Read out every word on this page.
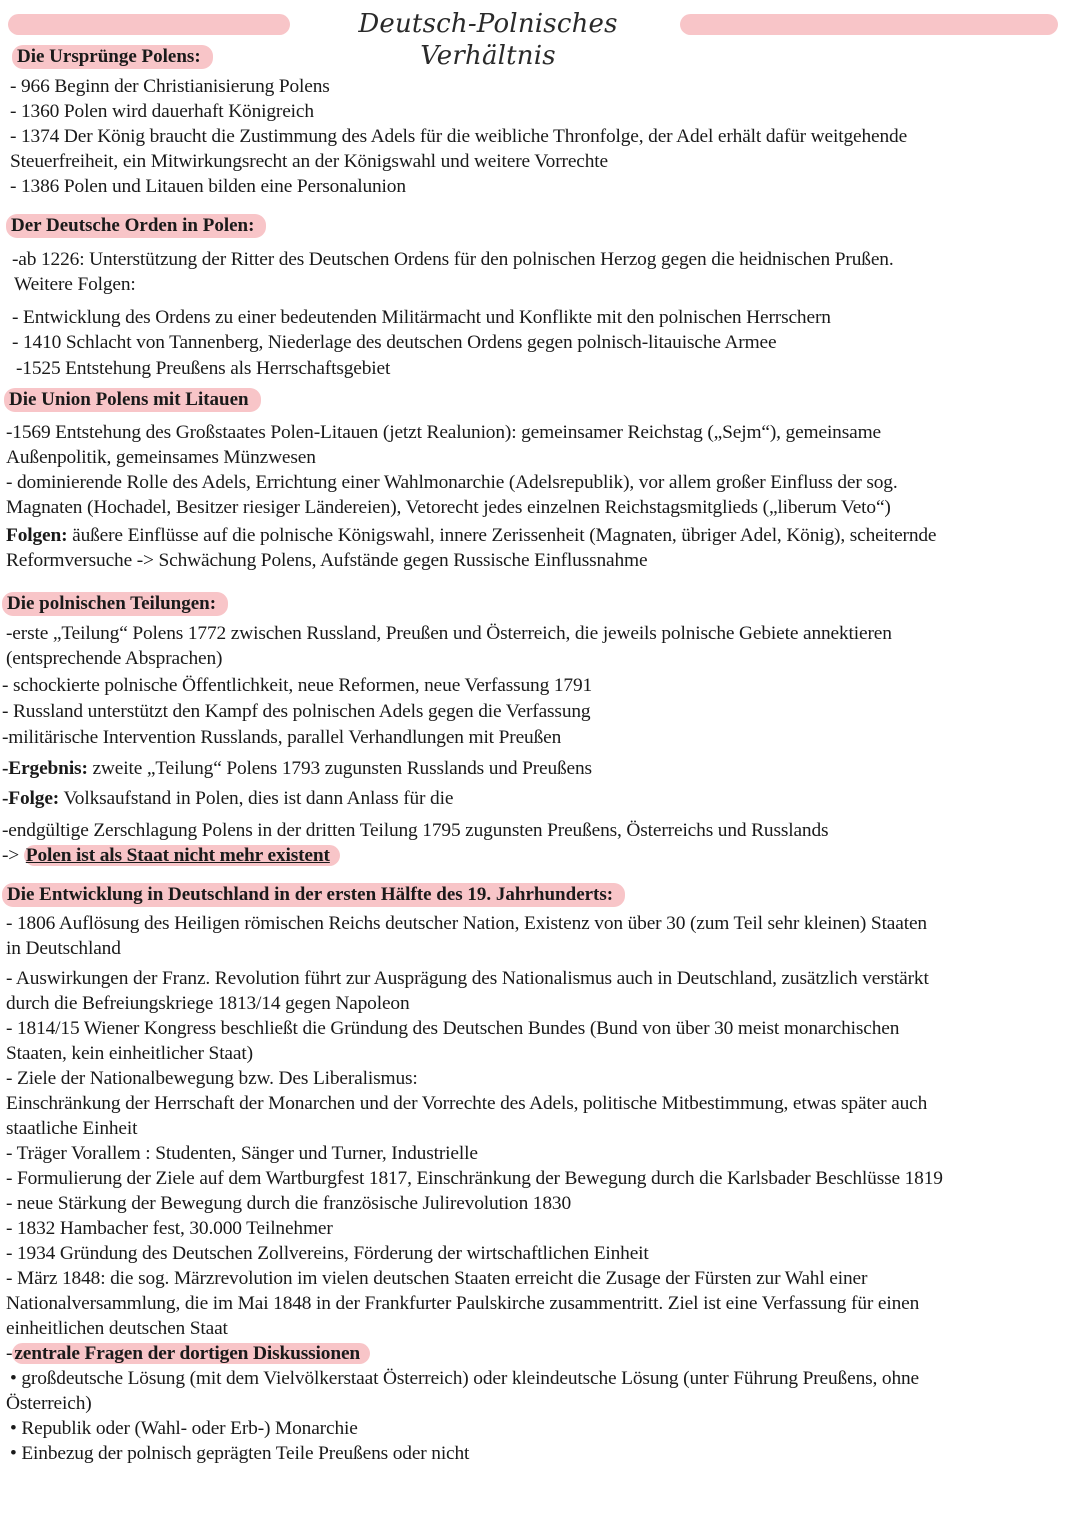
Deutsch-Polnisches Verhältnis
Die Ursprünge Polens:
- 966 Beginn der Christianisierung Polens
- 1360 Polen wird dauerhaft Königreich
- 1374 Der König braucht die Zustimmung des Adels für die weibliche Thronfolge, der Adel erhält dafür weitgehende
Steuerfreiheit, ein Mitwirkungsrecht an der Königswahl und weitere Vorrechte
- 1386 Polen und Litauen bilden eine Personalunion
Der Deutsche Orden in Polen:
-ab 1226: Unterstützung der Ritter des Deutschen Ordens für den polnischen Herzog gegen die heidnischen Prußen.
Weitere Folgen:
- Entwicklung des Ordens zu einer bedeutenden Militärmacht und Konflikte mit den polnischen Herrschern
- 1410 Schlacht von Tannenberg, Niederlage des deutschen Ordens gegen polnisch-litauische Armee
-1525 Entstehung Preußens als Herrschaftsgebiet
Die Union Polens mit Litauen
-1569 Entstehung des Großstaates Polen-Litauen (jetzt Realunion): gemeinsamer Reichstag („Sejm“), gemeinsame
Außenpolitik, gemeinsames Münzwesen
- dominierende Rolle des Adels, Errichtung einer Wahlmonarchie (Adelsrepublik), vor allem großer Einfluss der sog.
Magnaten (Hochadel, Besitzer riesiger Ländereien), Vetorecht jedes einzelnen Reichstagsmitglieds („liberum Veto“)
Folgen: äußere Einflüsse auf die polnische Königswahl, innere Zerissenheit (Magnaten, übriger Adel, König), scheiternde
Reformversuche -> Schwächung Polens, Aufstände gegen Russische Einflussnahme
Die polnischen Teilungen:
-erste „Teilung“ Polens 1772 zwischen Russland, Preußen und Österreich, die jeweils polnische Gebiete annektieren
(entsprechende Absprachen)
- schockierte polnische Öffentlichkeit, neue Reformen, neue Verfassung 1791
- Russland unterstützt den Kampf des polnischen Adels gegen die Verfassung
-militärische Intervention Russlands, parallel Verhandlungen mit Preußen
-Ergebnis: zweite „Teilung“ Polens 1793 zugunsten Russlands und Preußens
-Folge: Volksaufstand in Polen, dies ist dann Anlass für die
-endgültige Zerschlagung Polens in der dritten Teilung 1795 zugunsten Preußens, Österreichs und Russlands
-> Polen ist als Staat nicht mehr existent
Die Entwicklung in Deutschland in der ersten Hälfte des 19. Jahrhunderts:
- 1806 Auflösung des Heiligen römischen Reichs deutscher Nation, Existenz von über 30 (zum Teil sehr kleinen) Staaten
in Deutschland
- Auswirkungen der Franz. Revolution führt zur Ausprägung des Nationalismus auch in Deutschland, zusätzlich verstärkt
durch die Befreiungskriege 1813/14 gegen Napoleon
- 1814/15 Wiener Kongress beschließt die Gründung des Deutschen Bundes (Bund von über 30 meist monarchischen
Staaten, kein einheitlicher Staat)
- Ziele der Nationalbewegung bzw. Des Liberalismus:
Einschränkung der Herrschaft der Monarchen und der Vorrechte des Adels, politische Mitbestimmung, etwas später auch
staatliche Einheit
- Träger Vorallem : Studenten, Sänger und Turner, Industrielle
- Formulierung der Ziele auf dem Wartburgfest 1817, Einschränkung der Bewegung durch die Karlsbader Beschlüsse 1819
- neue Stärkung der Bewegung durch die französische Julirevolution 1830
- 1832 Hambacher fest, 30.000 Teilnehmer
- 1934 Gründung des Deutschen Zollvereins, Förderung der wirtschaftlichen Einheit
- März 1848: die sog. Märzrevolution im vielen deutschen Staaten erreicht die Zusage der Fürsten zur Wahl einer
Nationalversammlung, die im Mai 1848 in der Frankfurter Paulskirche zusammentritt. Ziel ist eine Verfassung für einen
einheitlichen deutschen Staat
- zentrale Fragen der dortigen Diskussionen
• großdeutsche Lösung (mit dem Vielvölkerstaat Österreich) oder kleindeutsche Lösung (unter Führung Preußens, ohne
Österreich)
• Republik oder (Wahl- oder Erb-) Monarchie
• Einbezug der polnisch geprägten Teile Preußens oder nicht
